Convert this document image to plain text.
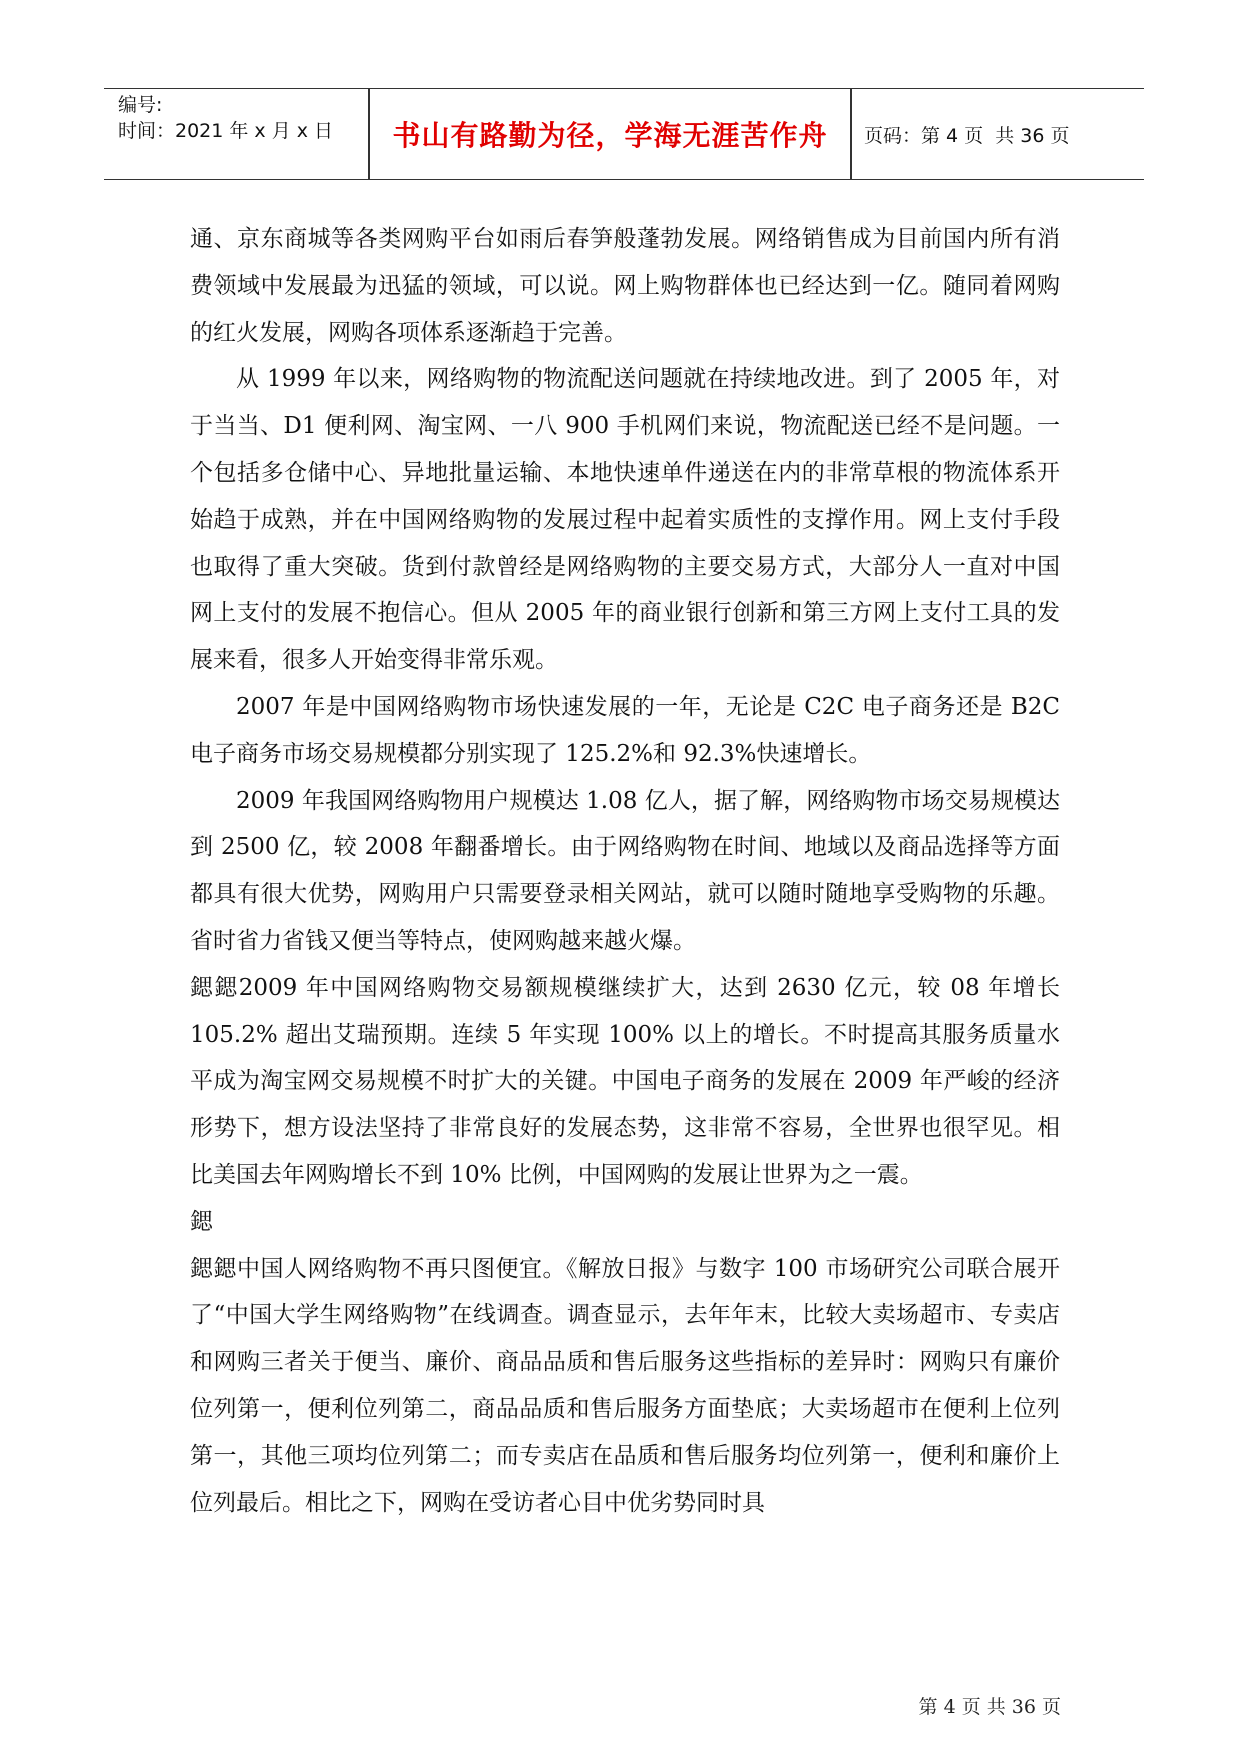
编号:
时间：2021 年 x 月 x 日	书山有路勤为径，学海无涯苦作舟	页码：第 4 页  共 36 页

通、京东商城等各类网购平台如雨后春笋般蓬勃发展。网络销售成为目前国内所有消费领域中发展最为迅猛的领域，可以说。网上购物群体也已经达到一亿。随同着网购的红火发展，网购各项体系逐渐趋于完善。

从 1999 年以来，网络购物的物流配送问题就在持续地改进。到了 2005 年，对于当当、D1 便利网、淘宝网、一八 900 手机网们来说，物流配送已经不是问题。一个包括多仓储中心、异地批量运输、本地快速单件递送在内的非常草根的物流体系开始趋于成熟，并在中国网络购物的发展过程中起着实质性的支撑作用。网上支付手段也取得了重大突破。货到付款曾经是网络购物的主要交易方式，大部分人一直对中国网上支付的发展不抱信心。但从 2005 年的商业银行创新和第三方网上支付工具的发展来看，很多人开始变得非常乐观。

2007 年是中国网络购物市场快速发展的一年，无论是 C2C 电子商务还是 B2C 电子商务市场交易规模都分别实现了 125.2%和 92.3%快速增长。

2009 年我国网络购物用户规模达 1.08 亿人，据了解，网络购物市场交易规模达到 2500 亿，较 2008 年翻番增长。由于网络购物在时间、地域以及商品选择等方面都具有很大优势，网购用户只需要登录相关网站，就可以随时随地享受购物的乐趣。省时省力省钱又便当等特点，使网购越来越火爆。

鍶鍶2009 年中国网络购物交易额规模继续扩大，达到 2630 亿元，较 08 年增长 105.2% 超出艾瑞预期。连续 5 年实现 100% 以上的增长。不时提高其服务质量水平成为淘宝网交易规模不时扩大的关键。中国电子商务的发展在 2009 年严峻的经济形势下，想方设法坚持了非常良好的发展态势，这非常不容易，全世界也很罕见。相比美国去年网购增长不到 10% 比例，中国网购的发展让世界为之一震。

鍶

鍶鍶中国人网络购物不再只图便宜。《解放日报》与数字 100 市场研究公司联合展开了“中国大学生网络购物”在线调查。调查显示，去年年末，比较大卖场超市、专卖店和网购三者关于便当、廉价、商品品质和售后服务这些指标的差异时：网购只有廉价位列第一，便利位列第二，商品品质和售后服务方面垫底；大卖场超市在便利上位列第一，其他三项均位列第二；而专卖店在品质和售后服务均位列第一，便利和廉价上位列最后。相比之下，网购在受访者心目中优劣势同时具

第 4 页 共 36 页
